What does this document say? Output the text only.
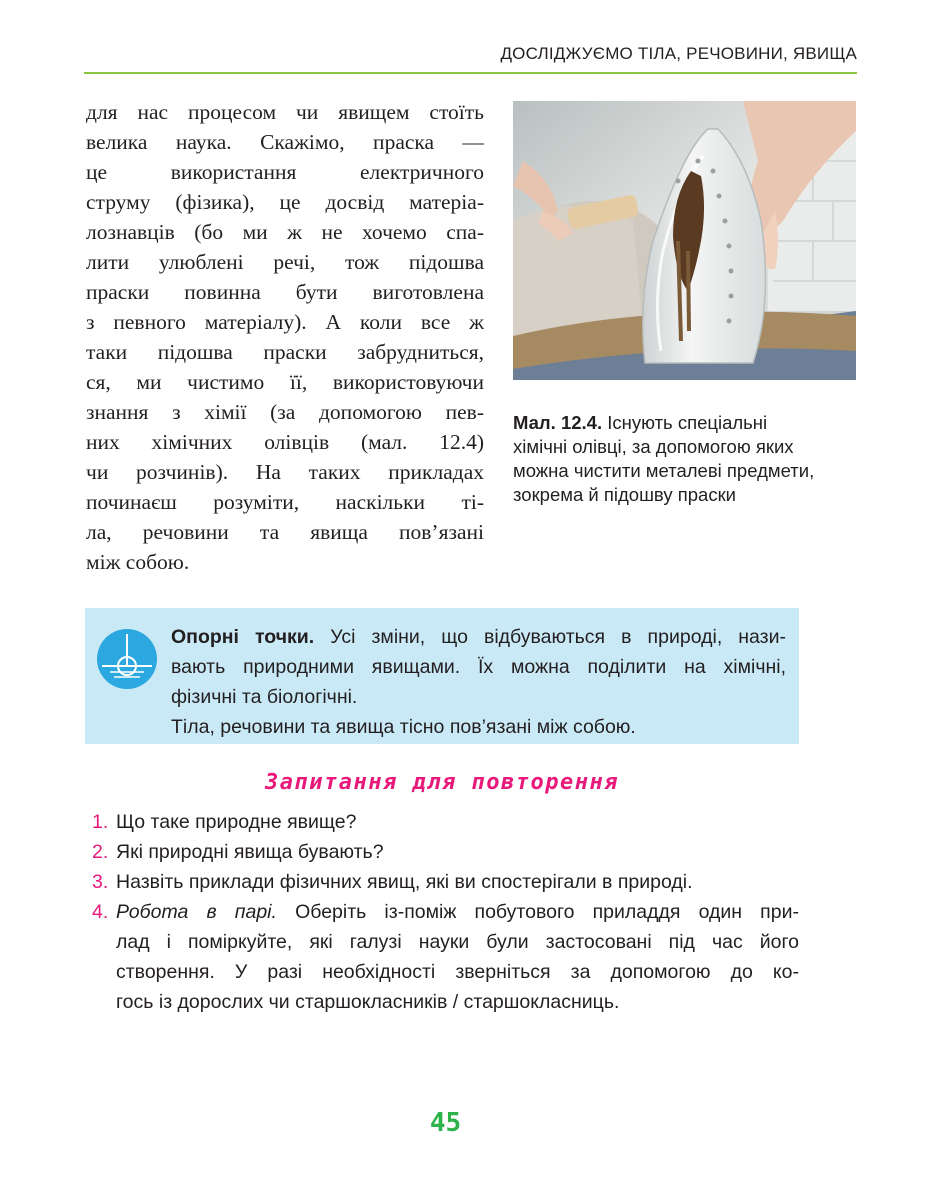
ДОСЛІДЖУЄМО ТІЛА, РЕЧОВИНИ, ЯВИЩА
для нас процесом чи явищем стоїть
велика наука. Скажімо, праска —
це використання електричного
струму (фізика), це досвід матеріа-
лознавців (бо ми ж не хочемо спа-
лити улюблені речі, тож підошва
праски повинна бути виготовлена
з певного матеріалу). А коли все ж
таки підошва праски забрудниться,
ся, ми чистимо її, використовуючи
знання з хімії (за допомогою пев-
них хімічних олівців (мал. 12.4)
чи розчинів). На таких прикладах
починаєш розуміти, наскільки ті-
ла, речовини та явища пов’язані
між собою.
Мал. 12.4. Існують спеціальні
хімічні олівці, за допомогою яких
можна чистити металеві предмети,
зокрема й підошву праски
Опорні точки. Усі зміни, що відбуваються в природі, нази-
вають природними явищами. Їх можна поділити на хімічні,
фізичні та біологічні.
Тіла, речовини та явища тісно пов’язані між собою.
Запитання для повторення
1. Що таке природне явище?
2. Які природні явища бувають?
3. Назвіть приклади фізичних явищ, які ви спостерігали в природі.
4. Робота в парі. Оберіть із-поміж побутового приладдя один при-
лад і поміркуйте, які галузі науки були застосовані під час його
створення. У разі необхідності зверніться за допомогою до ко-
гось із дорослих чи старшокласників / старшокласниць.
45
